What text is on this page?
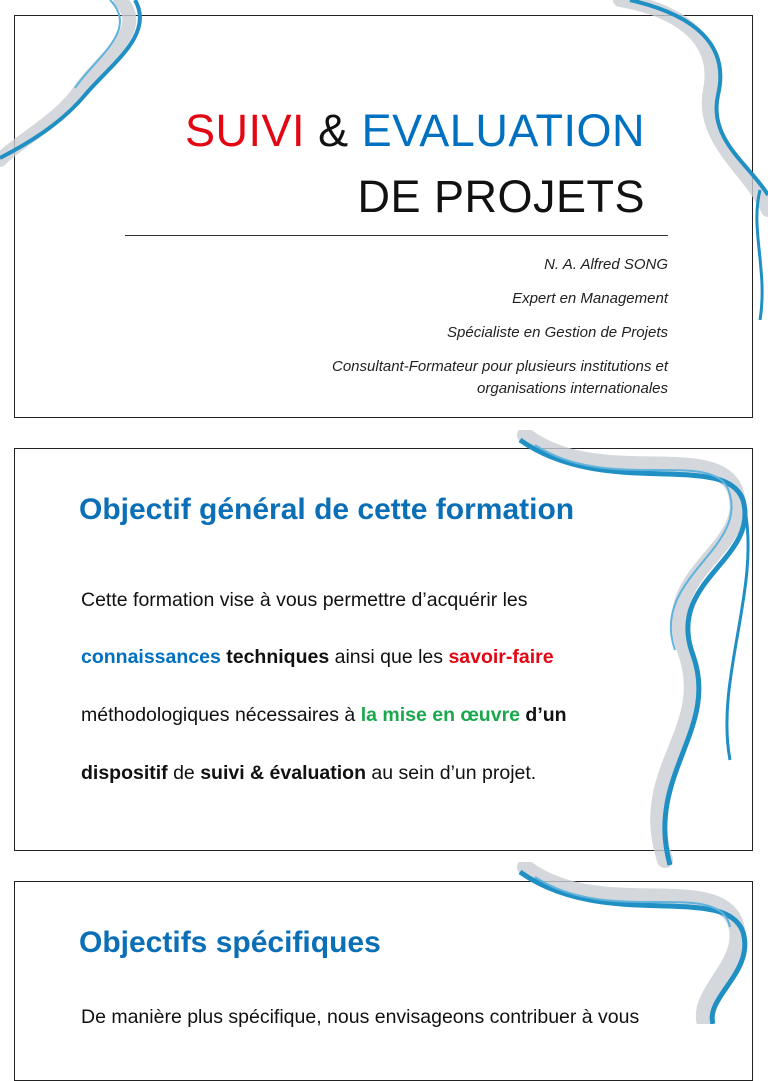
SUIVI & EVALUATION
DE PROJETS
N. A. Alfred SONG
Expert en Management
Spécialiste en Gestion de Projets
Consultant-Formateur pour plusieurs institutions et
organisations internationales
Objectif général de cette formation
Cette formation vise à vous permettre d’acquérir les
connaissances techniques ainsi que les savoir-faire
méthodologiques nécessaires à la mise en œuvre d’un
dispositif de suivi & évaluation au sein d’un projet.
Objectifs spécifiques
De manière plus spécifique, nous envisageons contribuer à vous
